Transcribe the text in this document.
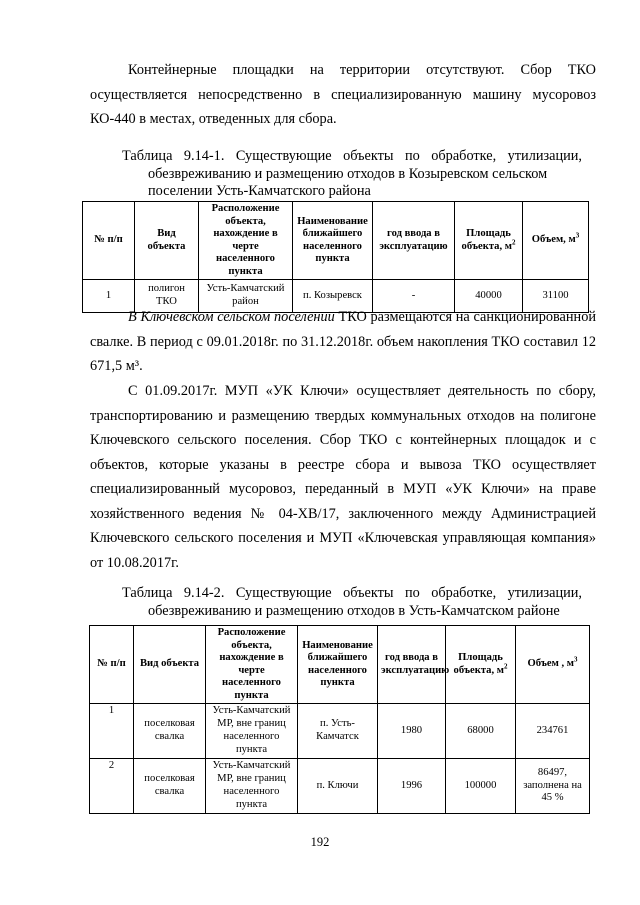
Контейнерные площадки на территории отсутствуют. Сбор ТКО осуществляется непосредственно в специализированную машину мусоровоз КО-440 в местах, отведенных для сбора.

Таблица 9.14-1. Существующие объекты по обработке, утилизации,
обезвреживанию и размещению отходов в Козыревском сельском
поселении Усть-Камчатского района
№ п/п	Вид объекта	Расположение объекта, нахождение в черте населенного пункта	Наименование ближайшего населенного пункта	год ввода в эксплуатацию	Площадь объекта, $м^2$	Объем, $м^3$
1	полигон ТКО	Усть-Камчатский район	п. Козыревск	-	40000	31100

В Ключевском сельском поселении ТКО размещаются на санкционированной свалке. В период с 09.01.2018г. по 31.12.2018г. объем накопления ТКО составил 12 671,5 м³.

С 01.09.2017г. МУП «УК Ключи» осуществляет деятельность по сбору, транспортированию и размещению твердых коммунальных отходов на полигоне Ключевского сельского поселения. Сбор ТКО с контейнерных площадок и с объектов, которые указаны в реестре сбора и вывоза ТКО осуществляет специализированный мусоровоз, переданный в МУП «УК Ключи» на праве хозяйственного ведения № 04-ХВ/17, заключенного между Администрацией Ключевского сельского поселения и МУП «Ключевская управляющая компания» от 10.08.2017г.

Таблица 9.14-2. Существующие объекты по обработке, утилизации,
обезвреживанию и размещению отходов в Усть-Камчатском районе
№ п/п	Вид объекта	Расположение объекта, нахождение в черте населенного пункта	Наименование ближайшего населенного пункта	год ввода в эксплуатацию	Площадь объекта, $м^2$	Объем , $м^3$
1	поселковая свалка	Усть-Камчатский МР, вне границ населенного пункта	п. Усть-Камчатск	1980	68000	234761
2	поселковая свалка	Усть-Камчатский МР, вне границ населенного пункта	п. Ключи	1996	100000	86497, заполнена на 45 %
192
